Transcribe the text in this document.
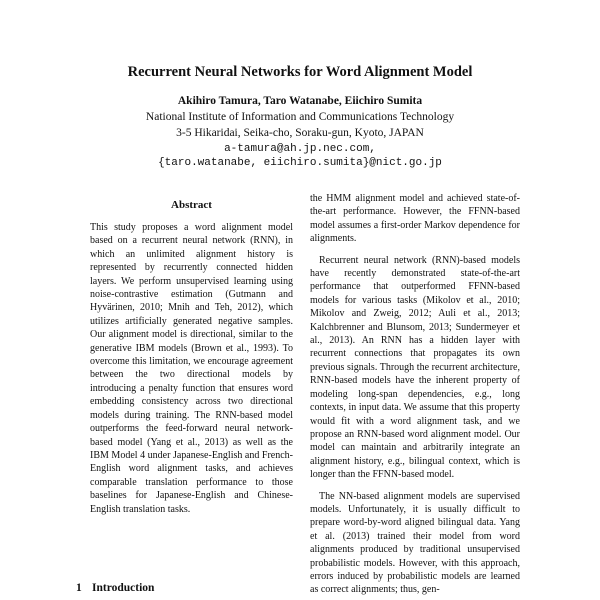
Recurrent Neural Networks for Word Alignment Model
Akihiro Tamura, Taro Watanabe, Eiichiro Sumita
National Institute of Information and Communications Technology
3-5 Hikaridai, Seika-cho, Soraku-gun, Kyoto, JAPAN
a-tamura@ah.jp.nec.com,
{taro.watanabe, eiichiro.sumita}@nict.go.jp
Abstract

This study proposes a word alignment model based on a recurrent neural network (RNN), in which an unlimited alignment history is represented by recurrently connected hidden layers. We perform unsupervised learning using noise-contrastive estimation (Gutmann and Hyvärinen, 2010; Mnih and Teh, 2012), which utilizes artificially generated negative samples. Our alignment model is directional, similar to the generative IBM models (Brown et al., 1993). To overcome this limitation, we encourage agreement between the two directional models by introducing a penalty function that ensures word embedding consistency across two directional models during training. The RNN-based model outperforms the feed-forward neural network-based model (Yang et al., 2013) as well as the IBM Model 4 under Japanese-English and French-English word alignment tasks, and achieves comparable translation performance to those baselines for Japanese-English and Chinese-English translation tasks.

1 Introduction

the HMM alignment model and achieved state-of-the-art performance. However, the FFNN-based model assumes a first-order Markov dependence for alignments.

Recurrent neural network (RNN)-based models have recently demonstrated state-of-the-art performance that outperformed FFNN-based models for various tasks (Mikolov et al., 2010; Mikolov and Zweig, 2012; Auli et al., 2013; Kalchbrenner and Blunsom, 2013; Sundermeyer et al., 2013). An RNN has a hidden layer with recurrent connections that propagates its own previous signals. Through the recurrent architecture, RNN-based models have the inherent property of modeling long-span dependencies, e.g., long contexts, in input data. We assume that this property would fit with a word alignment task, and we propose an RNN-based word alignment model. Our model can maintain and arbitrarily integrate an alignment history, e.g., bilingual context, which is longer than the FFNN-based model.

The NN-based alignment models are supervised models. Unfortunately, it is usually difficult to prepare word-by-word aligned bilingual data. Yang et al. (2013) trained their model from word alignments produced by traditional unsupervised probabilistic models. However, with this approach, errors induced by probabilistic models are learned as correct alignments; thus, gen-
